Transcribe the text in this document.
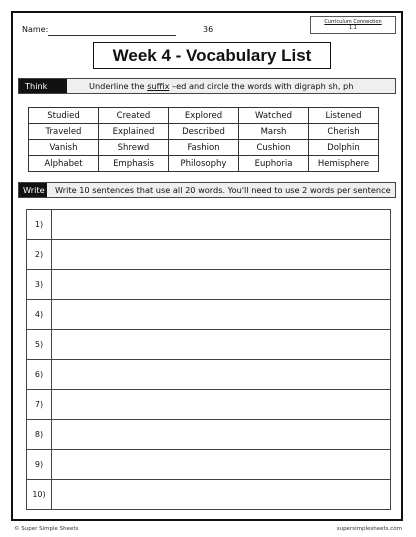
Name:	36
Curriculum Connection
1.1
Week 4 - Vocabulary List
Think	Underline the suffix –ed and circle the words with digraph sh, ph
Studied	Created	Explored	Watched	Listened
Traveled	Explained	Described	Marsh	Cherish
Vanish	Shrewd	Fashion	Cushion	Dolphin
Alphabet	Emphasis	Philosophy	Euphoria	Hemisphere
Write Write 10 sentences that use all 20 words. You'll need to use 2 words per sentence
1)	
2)	
3)	
4)	
5)	
6)	
7)	
8)	
9)	
10)	
© Super Simple Sheets	supersimplesheets.com
